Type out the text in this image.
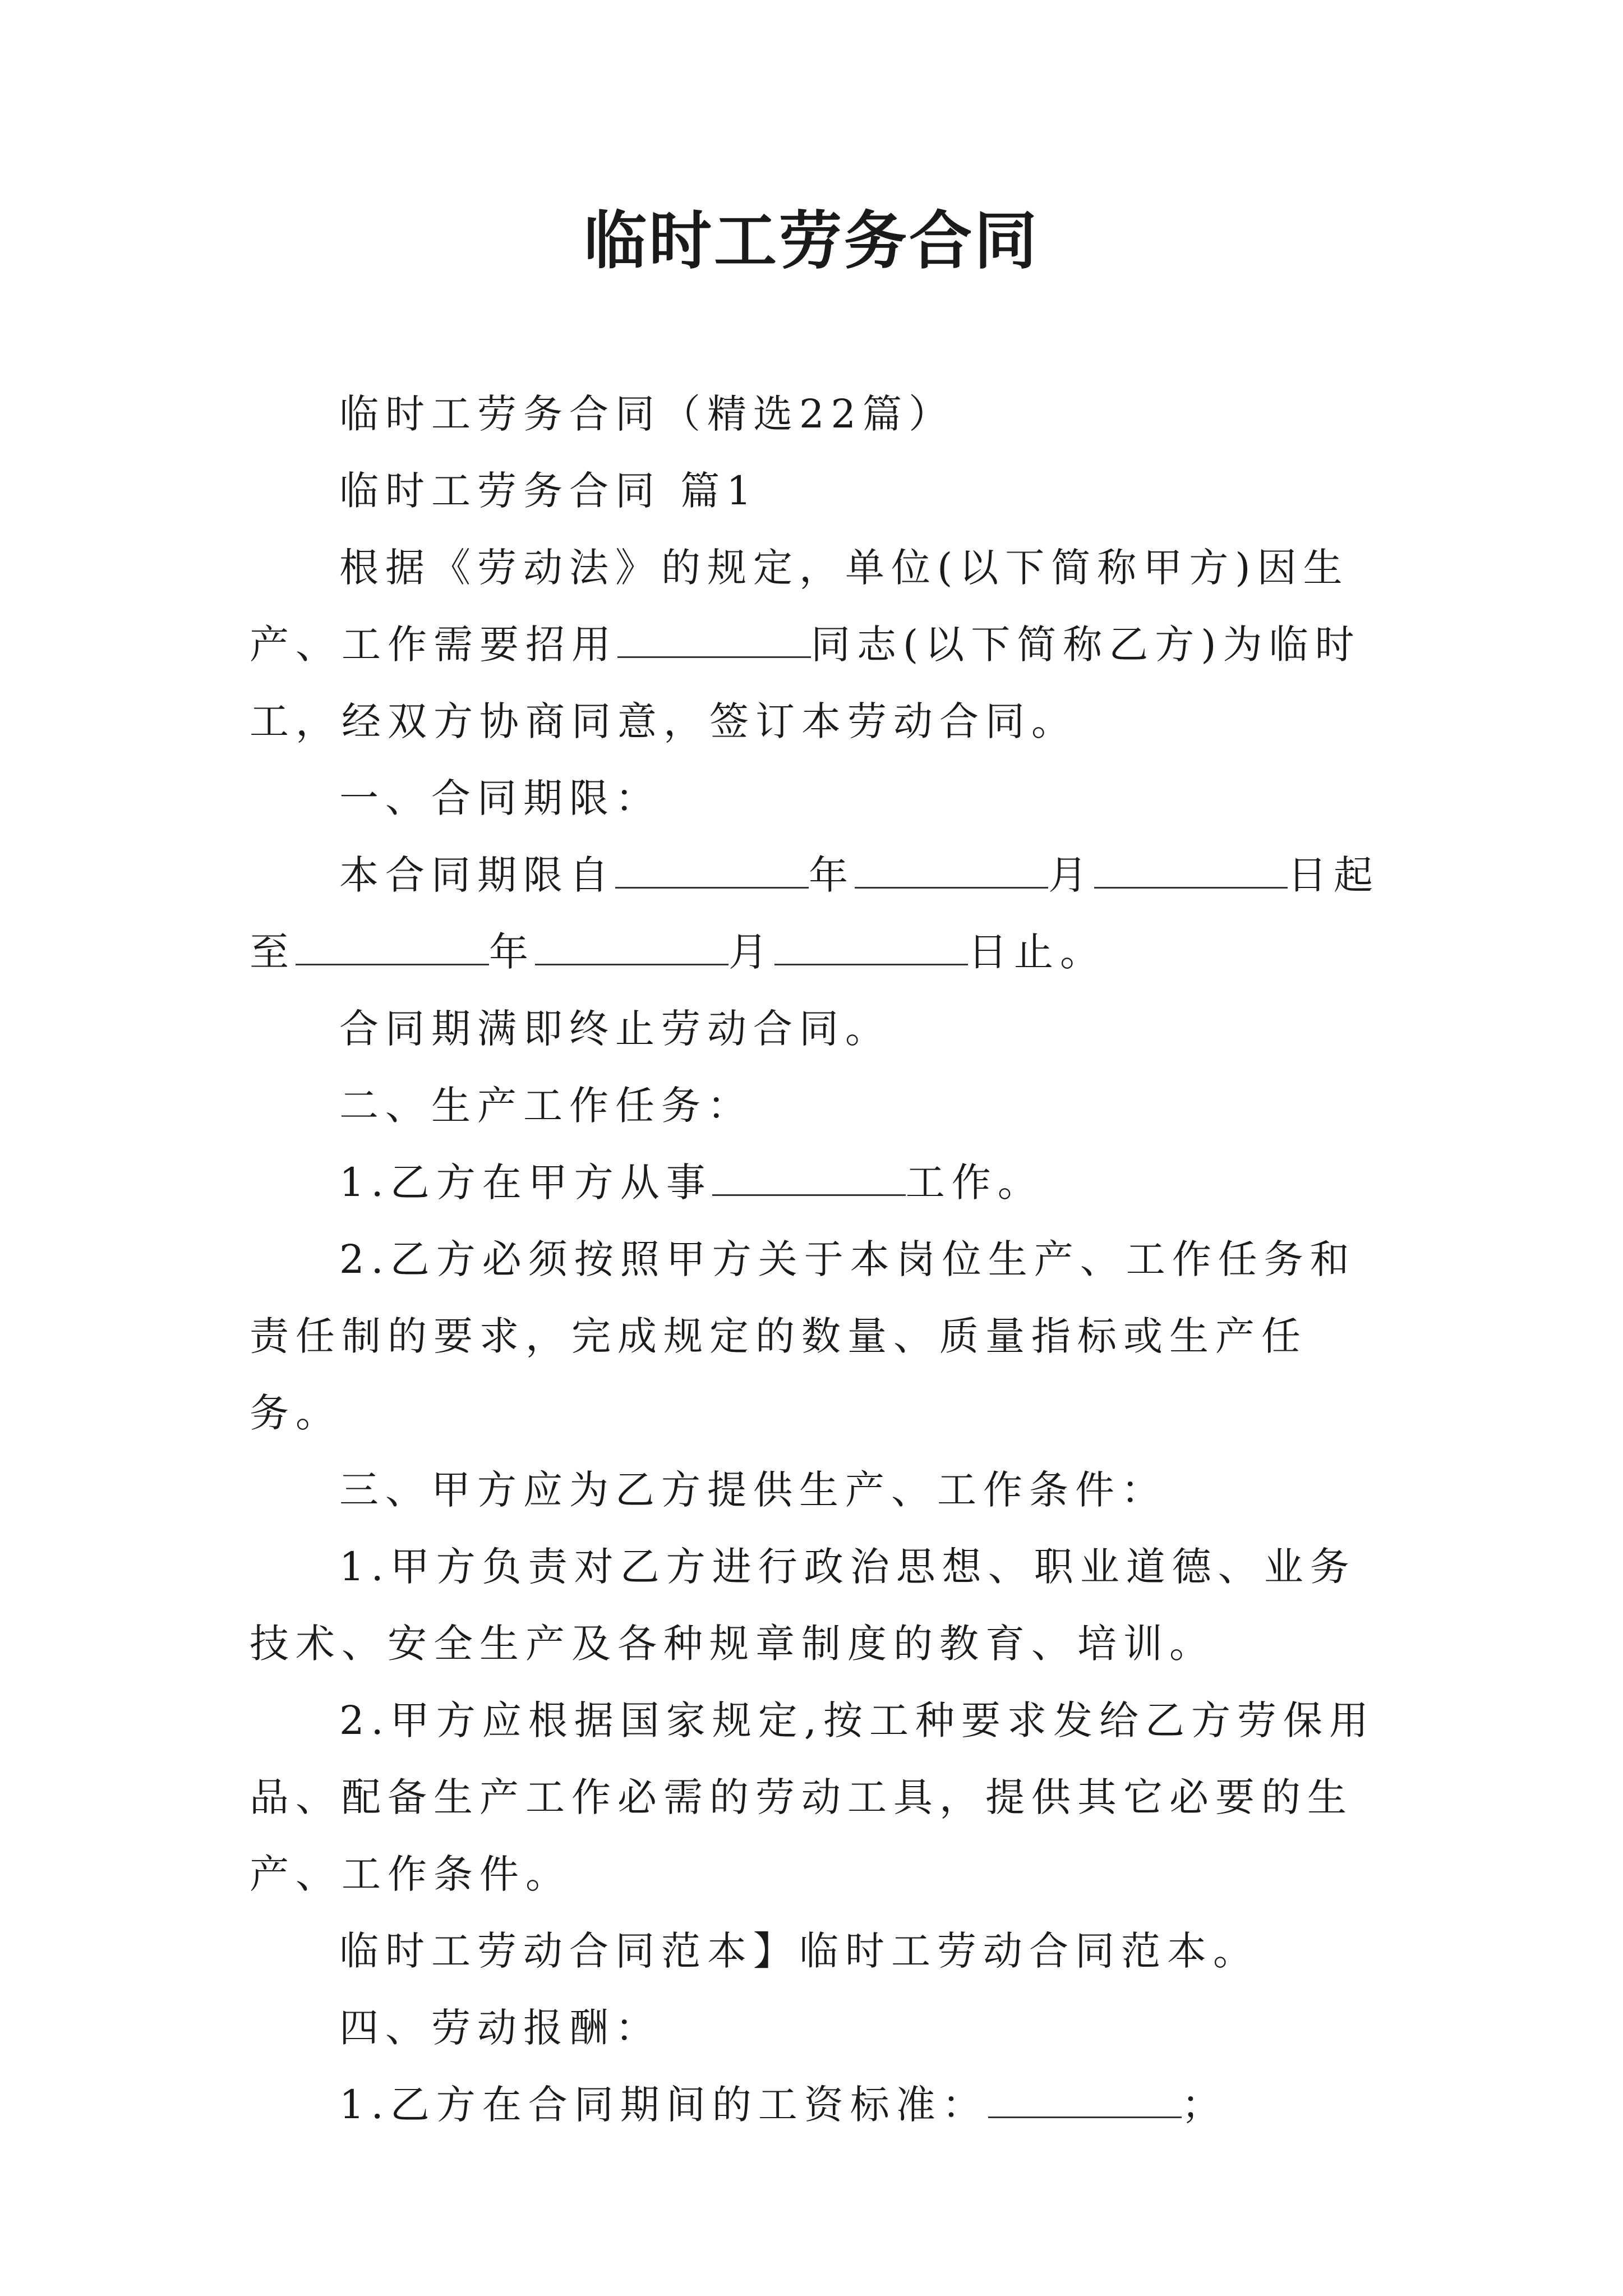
临时工劳务合同

临时工劳务合同（精选22篇）

临时工劳务合同 篇1

根据《劳动法》的规定，单位(以下简称甲方)因生产、工作需要招用	同志(以下简称乙方)为临时工，经双方协商同意，签订本劳动合同。

一、合同期限：

本合同期限自	年	月	日起至	年	月	日止。

合同期满即终止劳动合同。

二、生产工作任务：

1.乙方在甲方从事	工作。

2.乙方必须按照甲方关于本岗位生产、工作任务和责任制的要求，完成规定的数量、质量指标或生产任务。

三、甲方应为乙方提供生产、工作条件：

1.甲方负责对乙方进行政治思想、职业道德、业务技术、安全生产及各种规章制度的教育、培训。

2.甲方应根据国家规定,按工种要求发给乙方劳保用品、配备生产工作必需的劳动工具，提供其它必要的生产、工作条件。

临时工劳动合同范本】临时工劳动合同范本。

四、劳动报酬：

1.乙方在合同期间的工资标准：	；
